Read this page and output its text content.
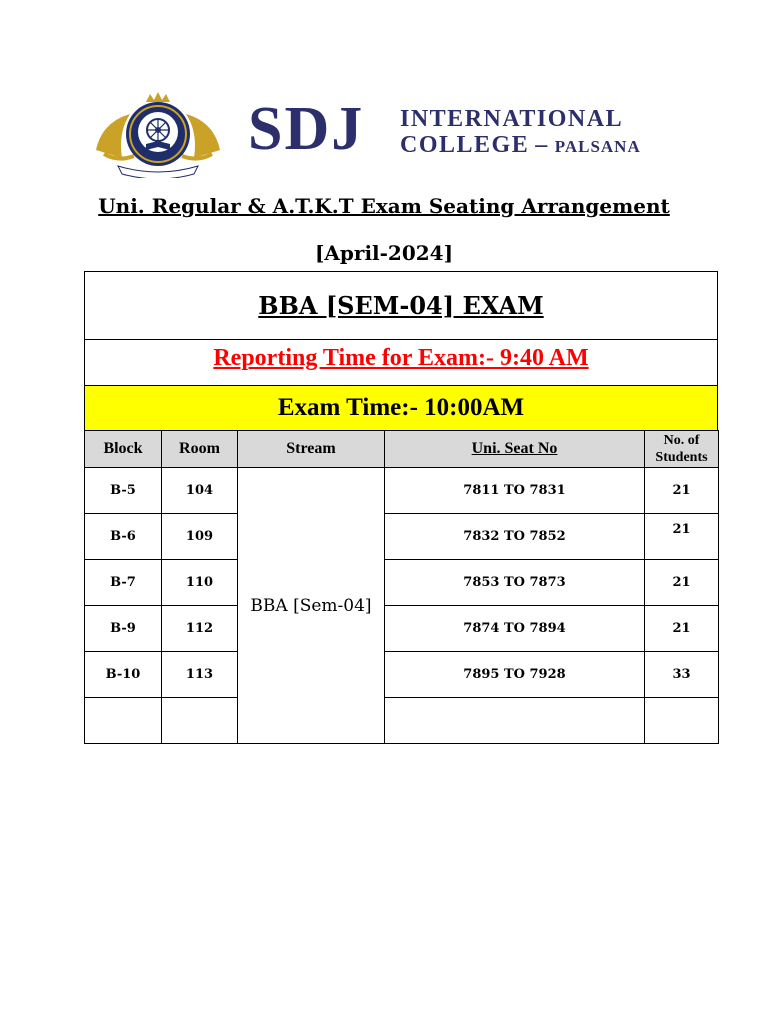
SDJ INTERNATIONAL
COLLEGE – PALSANA
Uni. Regular & A.T.K.T Exam Seating Arrangement
[April-2024]
BBA [SEM-04] EXAM
Reporting Time for Exam:- 9:40 AM
Exam Time:- 10:00AM
Block	Room	Stream	Uni. Seat No	No. of
Students
B-5	104	BBA [Sem-04]	7811 TO 7831	21
B-6	109		7832 TO 7852	21
B-7	110		7853 TO 7873	21
B-9	112		7874 TO 7894	21
B-10	113		7895 TO 7928	33
